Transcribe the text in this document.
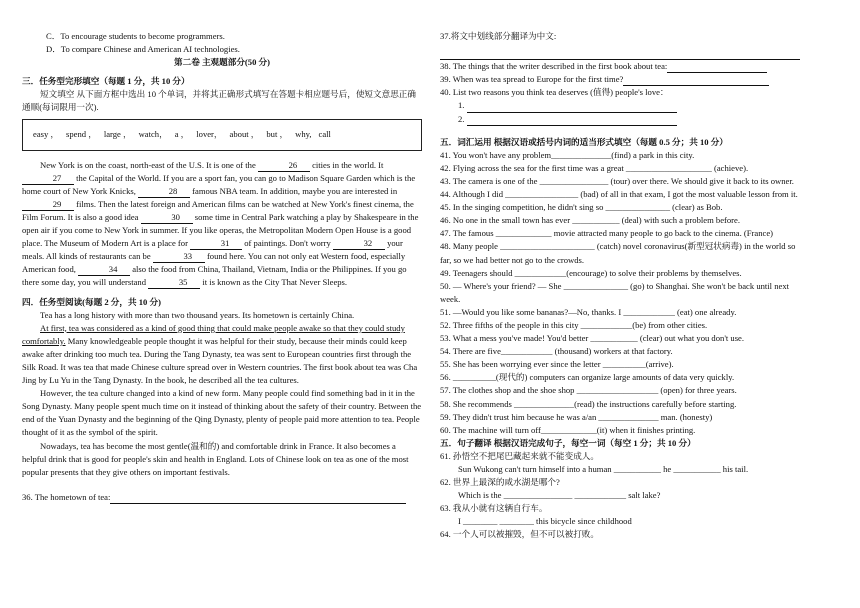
C．To encourage students to become programmers.

D．To compare Chinese and American AI technologies.

第二卷 主观题部分(50 分)

三．任务型完形填空（每题 1 分，共 10 分）

短文填空 从下面方框中选出 10 个单词，并将其正确形式填写在答题卡相应题号后，使短文意思正确通顺(每词限用一次).

easy ， spend ， large ， watch， a ， lover， about ， but ， why, call

New York is on the coast, north-east of the U.S. It is one of the	26 cities in the world. It 27 the Capital of the World. If you are a sport fan, you can go to Madison Square Garden which is the home court of New York Knicks,	28 famous NBA team. In addition, maybe you are interested in 29 films. Then the latest foreign and American films can be watched at New York's finest cinema, the Film Forum. It is also a good idea	30 some time in Central Park watching a play by Shakespeare in the open air if you come to New York in summer. If you like operas, the Metropolitan Modern Open House is a good place. The Museum of Modern Art is a place for	31 of paintings. Don't worry	32 your meals. All kinds of restaurants can be	33 found here. You can not only eat Western food, especially American food,	34 also the food from China, Thailand, Vietnam, India or the Philippines. If you go there some day, you will understand	35 it is known as the City That Never Sleeps.

四．任务型阅读(每题 2 分，共 10 分)

Tea has a long history with more than two thousand years. Its hometown is certainly China.

At first, tea was considered as a kind of good thing that could make people awake so that they could study comfortably. Many knowledgeable people thought it was helpful for their study, because their minds could keep awake after drinking too much tea. During the Tang Dynasty, tea was sent to European countries first through the Silk Road. It was tea that made Chinese culture spread over in Western countries. The first book about tea was Cha Jing by Lu Yu in the Tang Dynasty. In the book, he described all the tea cultures.

However, the tea culture changed into a kind of new form. Many people could find something bad in it in the Song Dynasty. Many people spent much time on it instead of thinking about the safety of their country. Between the end of the Yuan Dynasty and the beginning of the Qing Dynasty, plenty of people paid more attention to tea. People thought of it as the symbol of the spirit.

Nowadays, tea has become the most gentle(温和的) and comfortable drink in France. It also becomes a helpful drink that is good for people's skin and health in England. Lots of Chinese look on tea as one of the most popular presents that they give others on important festivals.

36. The hometown of tea:

37.将文中划线部分翻译为中文:

38. The things that the writer described in the first book about tea:

39. When was tea spread to Europe for the first time?

40. List two reasons you think tea deserves (值得) people's love：

1.

2.

五．词汇运用 根据汉语或括号内词的适当形式填空（每题 0.5 分；共 10 分）

41. You won't have any problem______________(find) a park in this city.

42. Flying across the sea for the first time was a great ____________________ (achieve).

43. The camera is one of the ________________ (tour) over there. We should give it back to its owner.

44. Although I did _________________ (bad) of all in that exam, I got the most valuable lesson from it.

45. In the singing competition, he didn't sing so _______________ (clear) as Bob.

46. No one in the small town has ever ___________ (deal) with such a problem before.

47. The famous _____________ movie attracted many people to go back to the cinema. (France)

48. Many people ______________________ (catch) novel coronavirus(新型冠状病毒) in the world so far, so we had better not go to the crowds.

49. Teenagers should ____________(encourage) to solve their problems by themselves.

50. — Where's your friend? — She _______________ (go) to Shanghai. She won't be back until next week.

51. —Would you like some bananas?—No, thanks. I ____________ (eat) one already.

52. Three fifths of the people in this city ____________(be) from other cities.

53. What a mess you've made! You'd better ___________ (clear) out what you don't use.

54. There are five____________ (thousand) workers at that factory.

55. She has been worrying ever since the letter __________(arrive).

56. __________(现代的) computers can organize large amounts of data very quickly.

57. The clothes shop and the shoe shop ___________________ (open) for three years.

58. She recommends ______________(read) the instructions carefully before starting.

59. They didn't trust him because he was a/an ______________ man. (honesty)

60. The machine will turn off_____________(it) when it finishes printing.

五．句子翻译 根据汉语完成句子，每空一词（每空 1 分；共 10 分）

61. 孙悟空不把尾巴藏起来就不能变成人。

Sun Wukong can't turn himself into a human ___________ he ___________ his tail.

62. 世界上最深的咸水湖是哪个?

Which is the ________________ ____________ salt lake?

63. 我从小就有这辆自行车。

I ________ ________ this bicycle since childhood

64. 一个人可以被摧毁，但不可以被打败。
